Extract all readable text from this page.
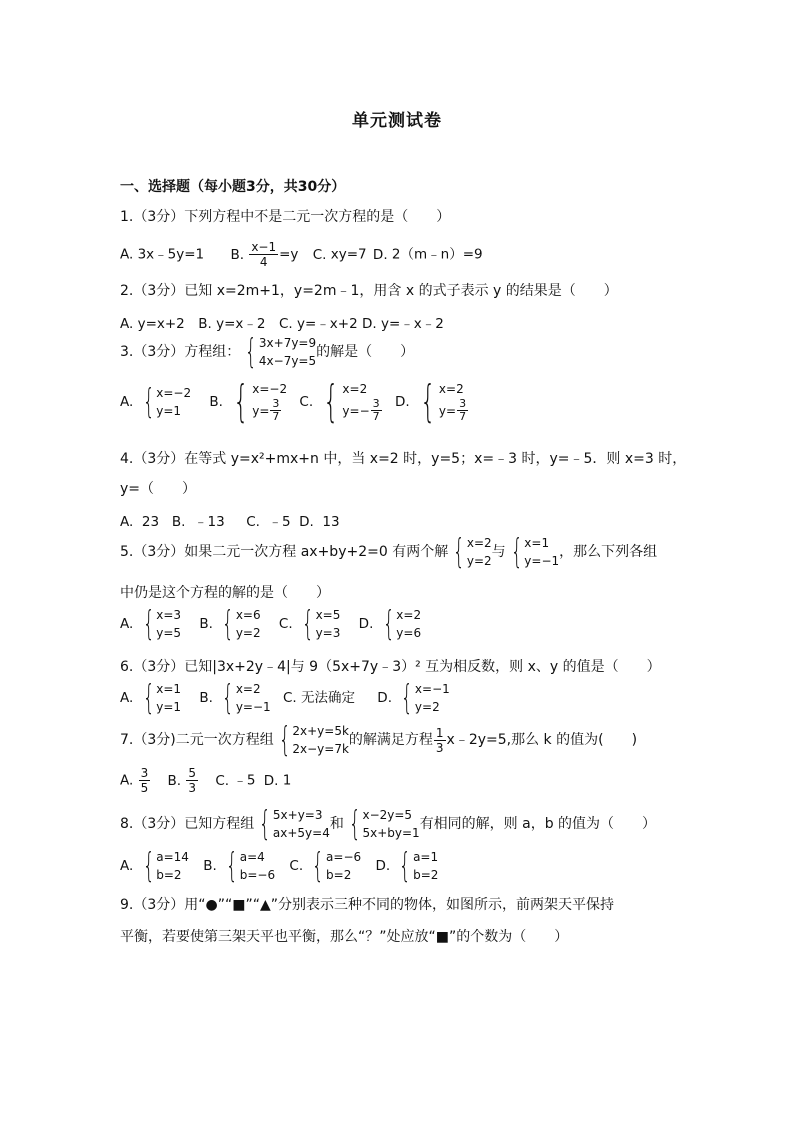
单元测试卷
一、选择题（每小题3分，共30分）
1.（3分）下列方程中不是二元一次方程的是（　　）
A. 3x﹣5y=1 B. $\frac{x-1}{4} =y$ C. xy=7 D. 2（m﹣n）=9
2.（3分）已知 x=2m+1，y=2m﹣1，用含 x 的式子表示 y 的结果是（　　）
A. y=x+2　B. y=x﹣2　C. y=﹣x+2 D. y=﹣x﹣2
3.（3分）方程组： { 3x+7y=9
4x−7y=5
的解是（　　）
A.
{ x=−2
y=1

B.
{ x=−2
$y= \frac{3}{7}$
C.
{ x=2
$y=- \frac{3}{7}$
D.
{ x=2
$y= \frac{3}{7}$
4.（3分）在等式 y=x²+mx+n 中，当 x=2 时，y=5；x=﹣3 时，y=﹣5．则 x=3 时，
y=（　　）
A.  23   B.  ﹣13     C.  ﹣5  D.  13
5.（3分）如果二元一次方程 ax+by+2=0 有两个解 { x=2
y=2
与 { x=1
y=−1
，那么下列各组
中仍是这个方程的解的是（　　）
A.
{ x=3
y=5

B.
{ x=6
y=2

C.
{ x=5
y=3

D.
{ x=2
y=6
6.（3分）已知|3x+2y﹣4|与 9（5x+7y﹣3）² 互为相反数，则 x、y 的值是（　　）
A.
{ x=1
y=1

B.
{ x=2
y=−1
C. 无法确定 D.
{ x=−1
y=2
7.（3分)二元一次方程组 { 2x+y=5k
2x−y=7k
的解满足方程 $\frac{1}{3}$ x﹣2y=5,那么 k 的值为(　　)
A. $\frac{3}{5} B$. $\frac{5}{3} C$. ﹣5 D. 1
8.（3分）已知方程组 { 5x+y=3
ax+5y=4
和 { x−2y=5
5x+by=1
有相同的解，则 a，b 的值为（　　）
A.
{ a=14
b=2

B.
{ a=4
b=−6

C.
{ a=−6
b=2

D.
{ a=1
b=2
9.（3分）用“●”“■”“▲”分别表示三种不同的物体，如图所示，前两架天平保持
平衡，若要使第三架天平也平衡，那么“？”处应放“■”的个数为（　　）
